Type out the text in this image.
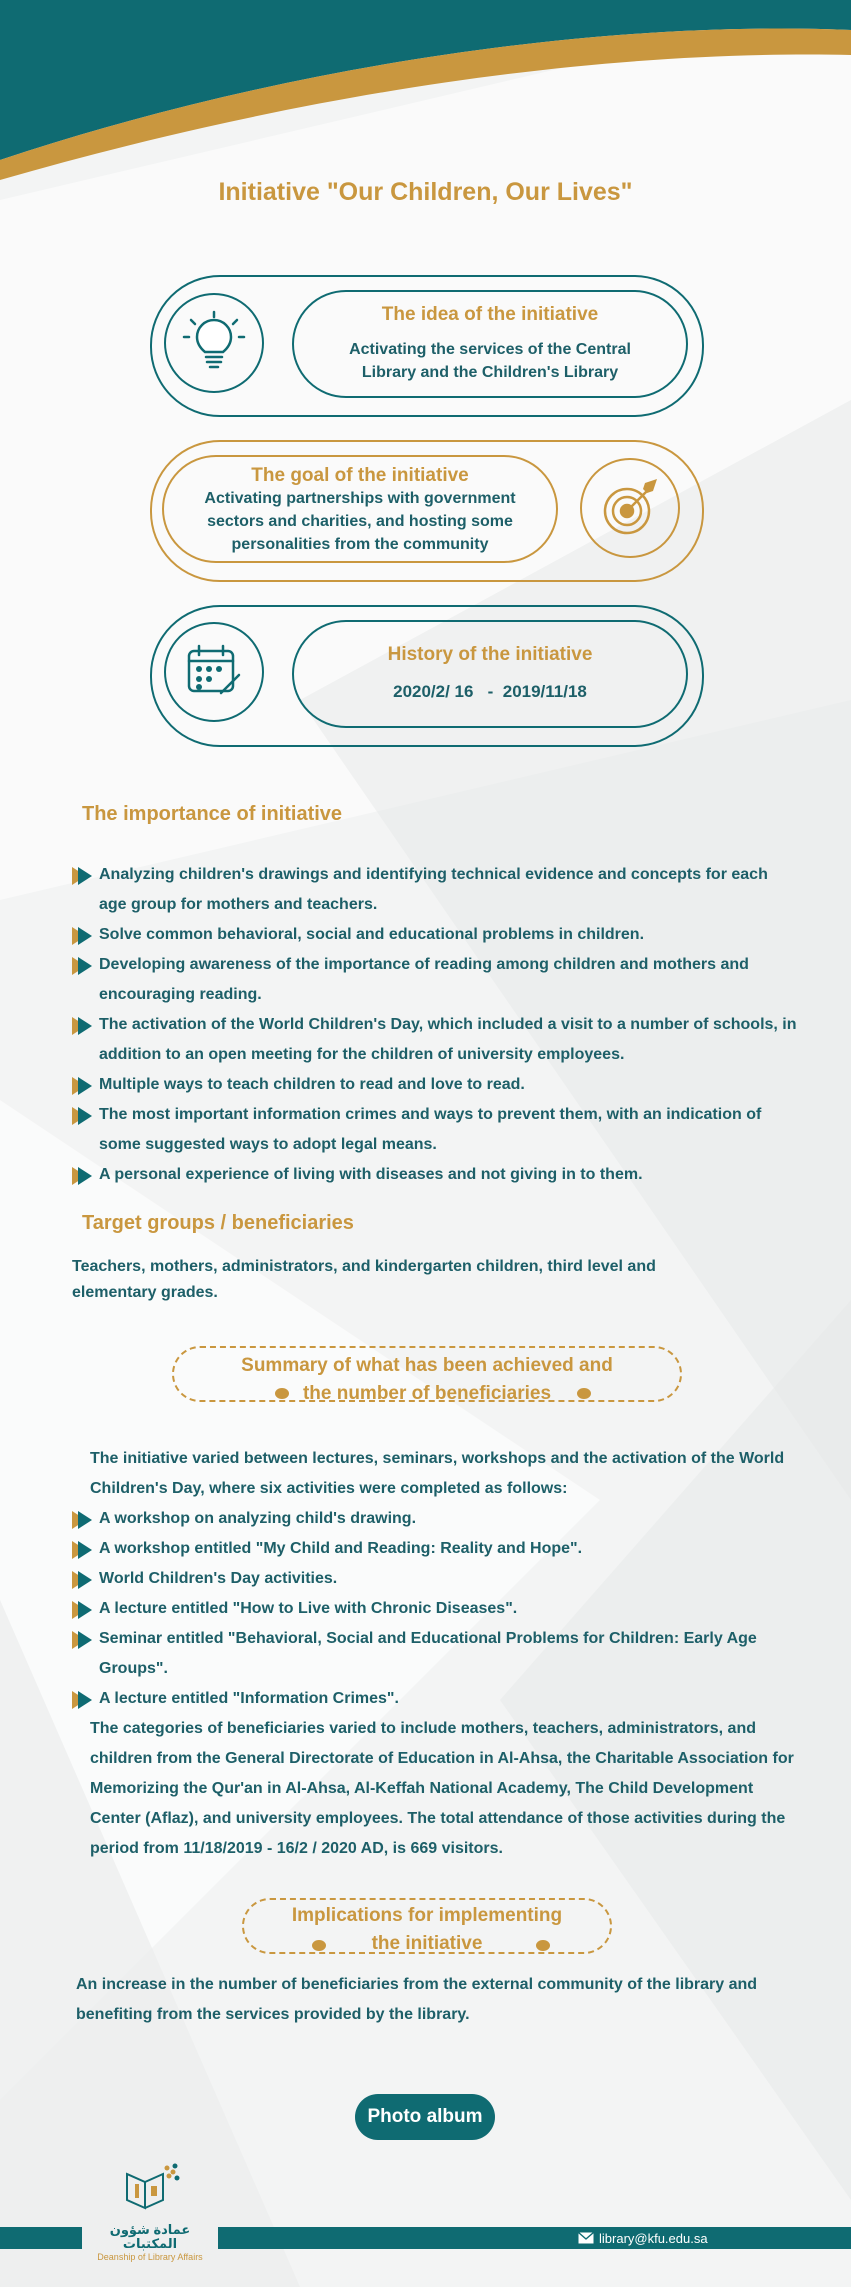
Initiative "Our Children, Our Lives"
The idea of the initiative

Activating the services of the Central

Library and the Children's Library

The goal of the initiative

Activating partnerships with government

sectors and charities, and hosting some

personalities from the community

History of the initiative

2020/2/ 16   -  2019/11/18

The importance of initiative
Analyzing children's drawings and identifying technical evidence and concepts for each age group for mothers and teachers.
Solve common behavioral, social and educational problems in children.
Developing awareness of the importance of reading among children and mothers and encouraging reading.
The activation of the World Children's Day, which included a visit to a number of schools, in addition to an open meeting for the children of university employees.
Multiple ways to teach children to read and love to read.
The most important information crimes and ways to prevent them, with an indication of some suggested ways to adopt legal means.
A personal experience of living with diseases and not giving in to them.
Target groups / beneficiaries
Teachers, mothers, administrators, and kindergarten children, third level and elementary grades.
Summary of what has been achieved and
the number of beneficiaries
The initiative varied between lectures, seminars, workshops and the activation of the World Children's Day, where six activities were completed as follows:
A workshop on analyzing child's drawing.
A workshop entitled "My Child and Reading: Reality and Hope".
World Children's Day activities.
A lecture entitled "How to Live with Chronic Diseases".
Seminar entitled "Behavioral, Social and Educational Problems for Children: Early Age Groups".
A lecture entitled "Information Crimes".
The categories of beneficiaries varied to include mothers, teachers, administrators, and children from the General Directorate of Education in Al-Ahsa, the Charitable Association for Memorizing the Qur'an in Al-Ahsa, Al-Keffah National Academy, The Child Development Center (Aflaz), and university employees. The total attendance of those activities during the period from 11/18/2019 - 16/2 / 2020 AD, is 669 visitors.
Implications for implementing
the initiative
An increase in the number of beneficiaries from the external community of the library and benefiting from the services provided by the library.
Photo album
عمادة شؤون المكتبات
Deanship of Library Affairs
library@kfu.edu.sa
